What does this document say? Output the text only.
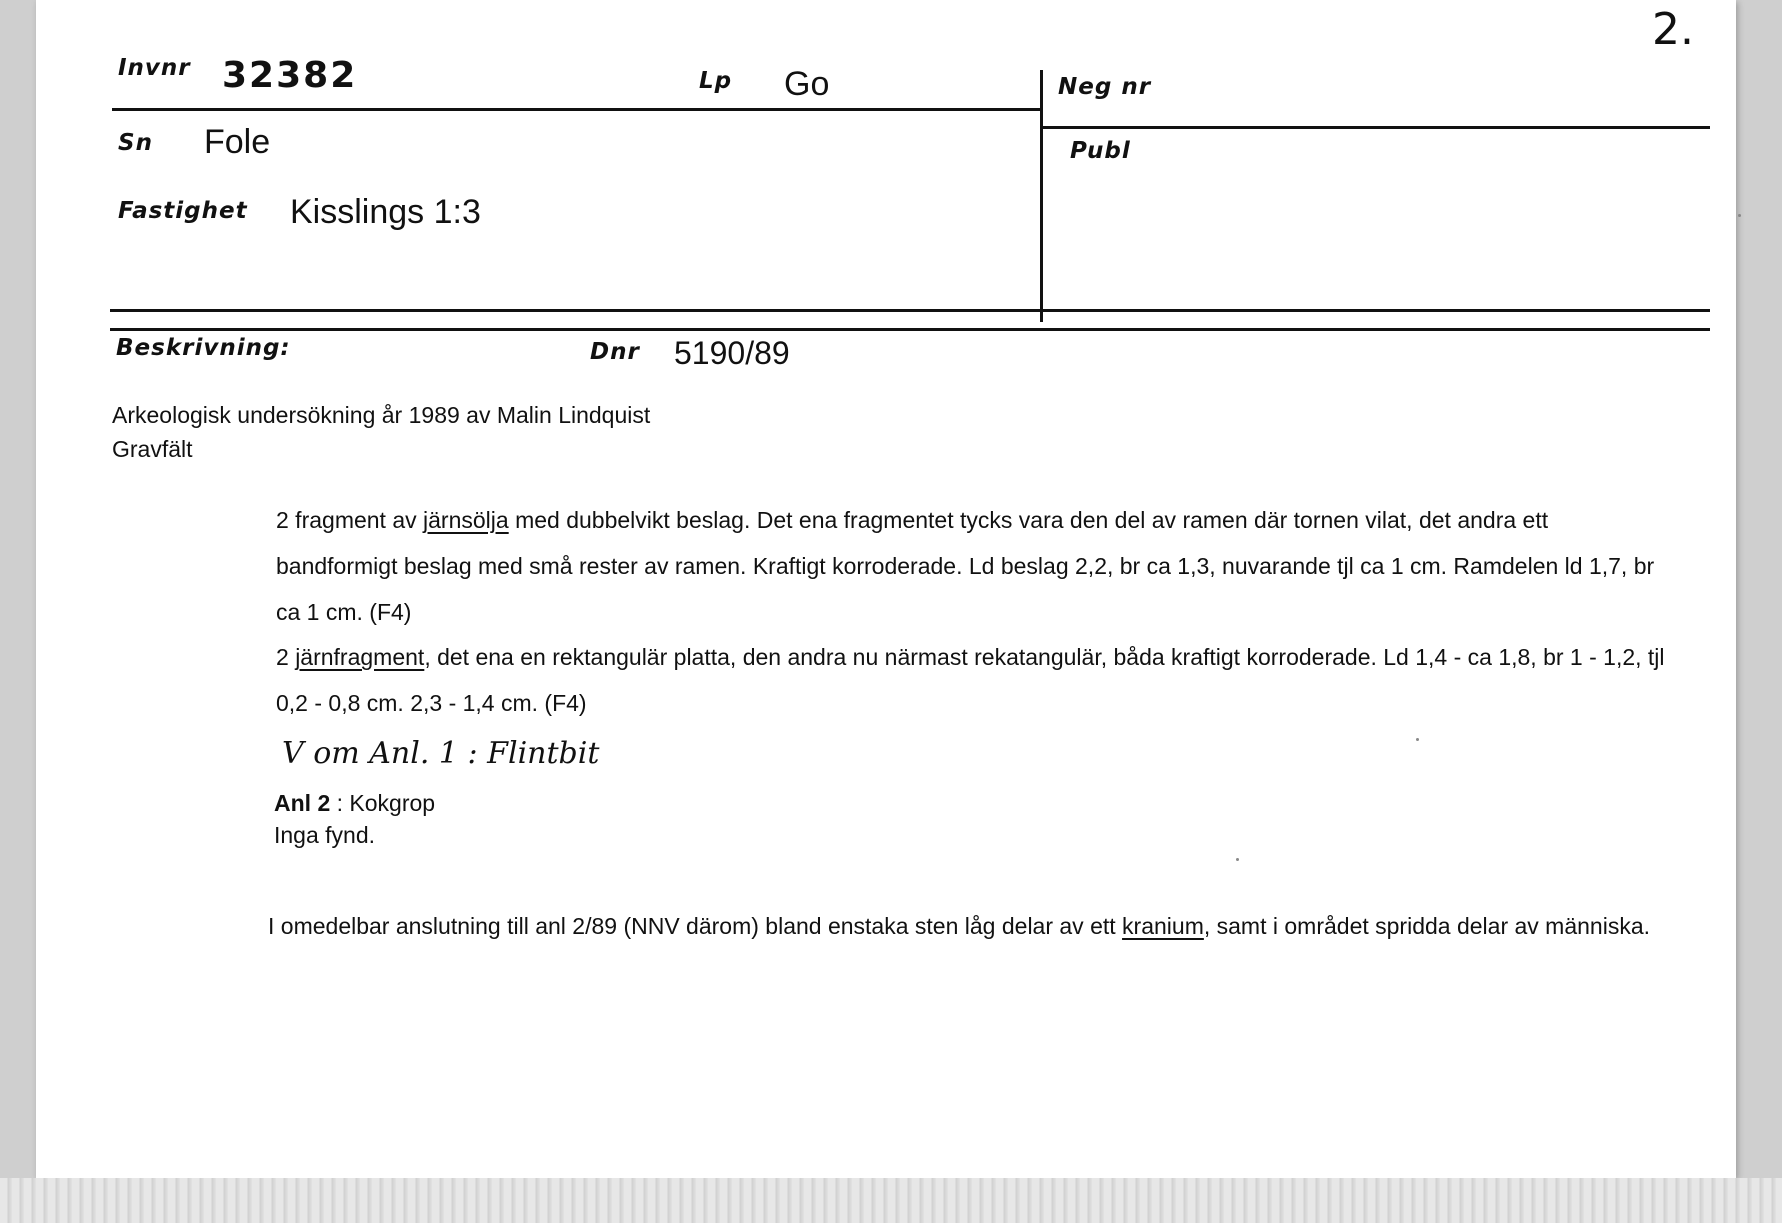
2.
Invnr 32382	Lp Go	Neg nr
Sn Fole	Publ
Fastighet Kisslings 1:3
Beskrivning:	Dnr 5190/89
Arkeologisk undersökning år 1989 av Malin Lindquist
Gravfält
2 fragment av järnsölja med dubbelvikt beslag. Det ena fragmentet tycks vara den del av ramen där tornen vilat, det andra ett bandformigt beslag med små rester av ramen. Kraftigt korroderade. Ld beslag 2,2, br ca 1,3, nuvarande tjl ca 1 cm. Ramdelen ld 1,7, br ca 1 cm. (F4)
2 järnfragment, det ena en rektangulär platta, den andra nu närmast rekatangulär, båda kraftigt korroderade. Ld 1,4 - ca 1,8, br 1 - 1,2, tjl 0,2 - 0,8 cm. 2,3 - 1,4 cm. (F4)
V om Anl. 1 : Flintbit
Anl 2 : Kokgrop
Inga fynd.
I omedelbar anslutning till anl 2/89 (NNV därom) bland enstaka sten låg delar av ett kranium, samt i området spridda delar av människa.
